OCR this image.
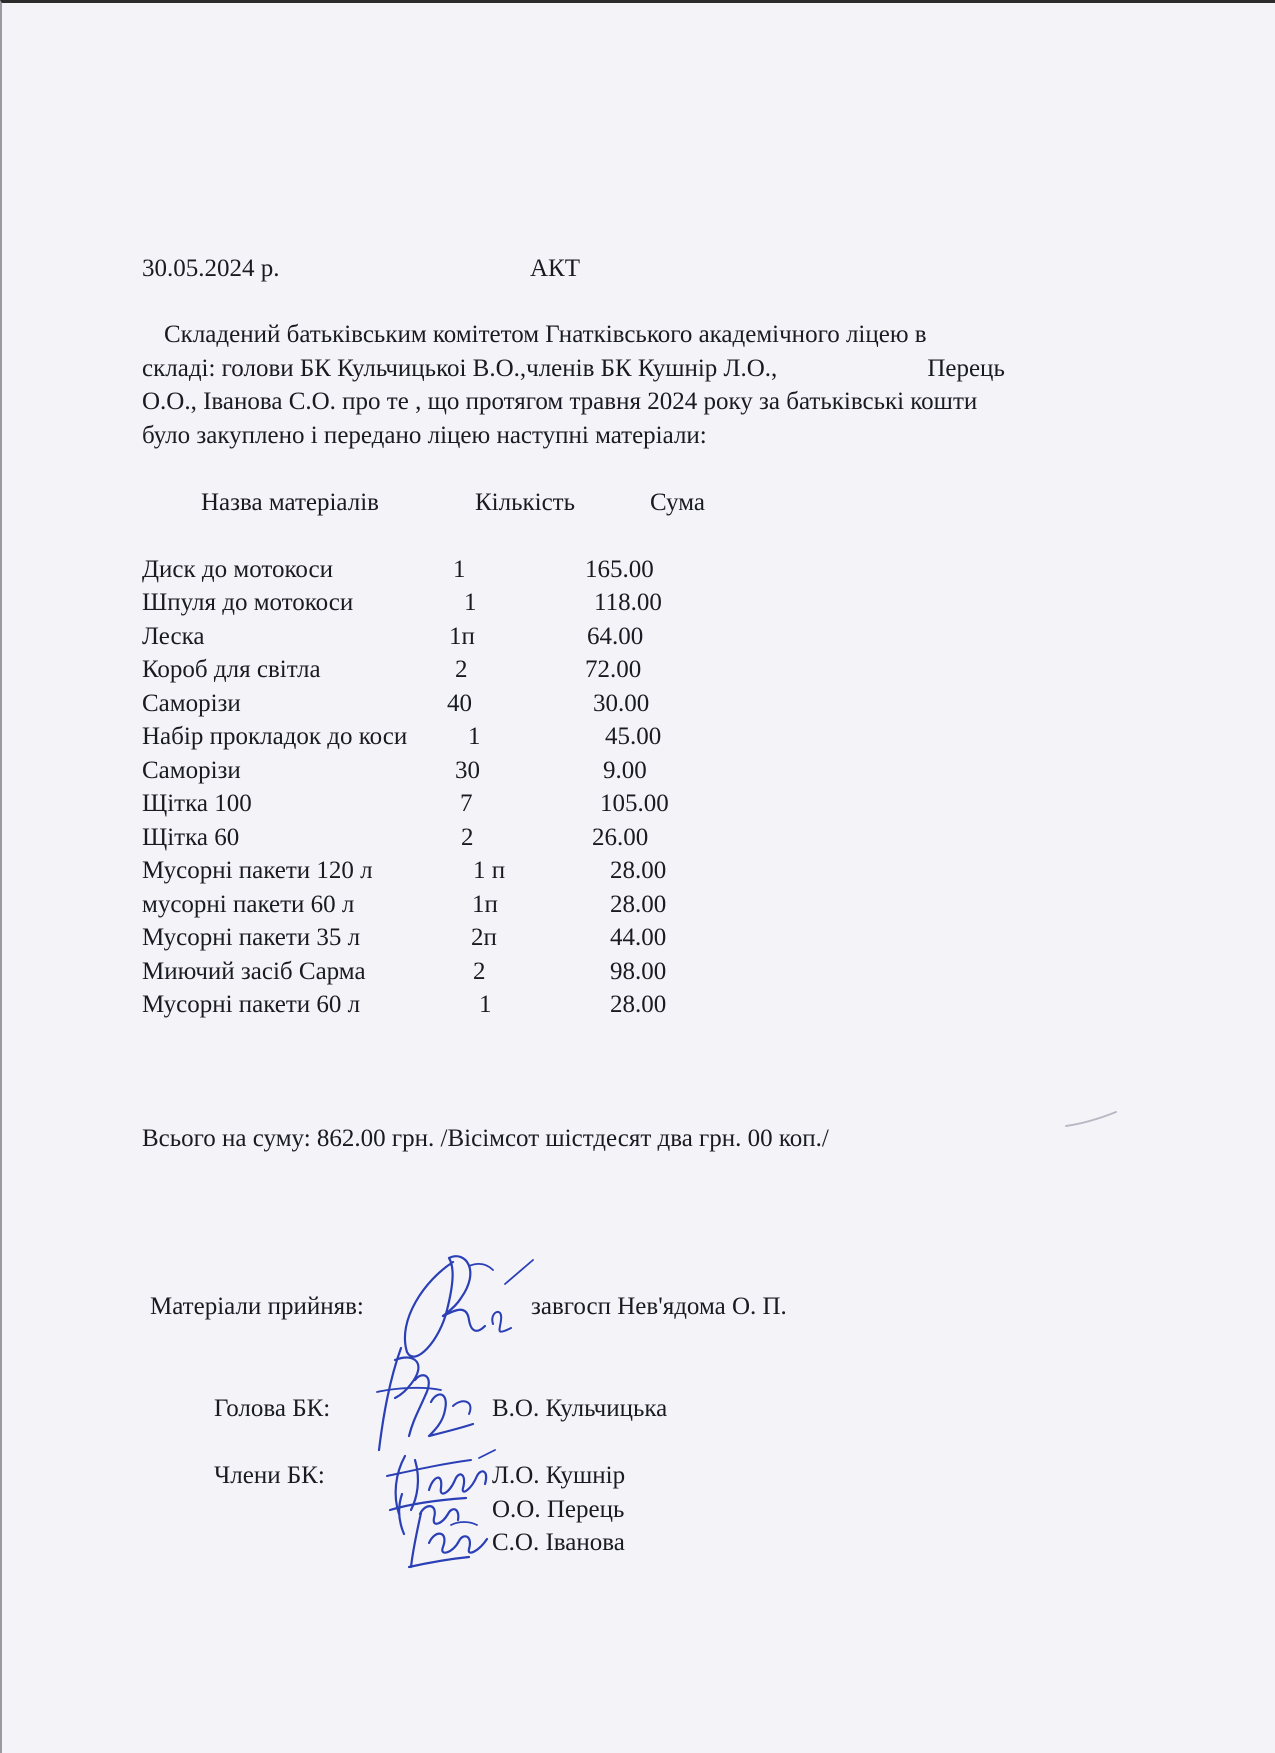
30.05.2024 р.	АКТ
Складений батьківським комітетом Гнатківського академічного ліцею в
складі: голови БК Кульчицькоі В.О.,членів БК Кушнір Л.О.,	Перець
О.О., Іванова С.О. про те , що протягом травня 2024 року за батьківські кошти
було закуплено і передано ліцею наступні матеріали:
Назва матеріалів	Кількість	Сума
Диск до мотокоси	1	165.00
Шпуля до мотокоси	1	118.00
Леска	1п	64.00
Короб для світла	2	72.00
Саморізи	40	30.00
Набір прокладок до коси 1	45.00
Саморізи	30	9.00
Щітка 100	7	105.00
Щітка 60	2	26.00
Мусорні пакети 120 л	1 п	28.00
мусорні пакети 60 л	1п	28.00
Мусорні пакети 35 л	2п	44.00
Миючий засіб Сарма	2	98.00
Мусорні пакети 60 л	1	28.00
Всього на суму: 862.00 грн. /Вісімсот шістдесят два грн. 00 коп./
Матеріали прийняв:	завгосп Нев'ядома О. П.
Голова БК:	В.О. Кульчицька
Члени БК:	Л.О. Кушнір
О.О. Перець
С.О. Іванова
